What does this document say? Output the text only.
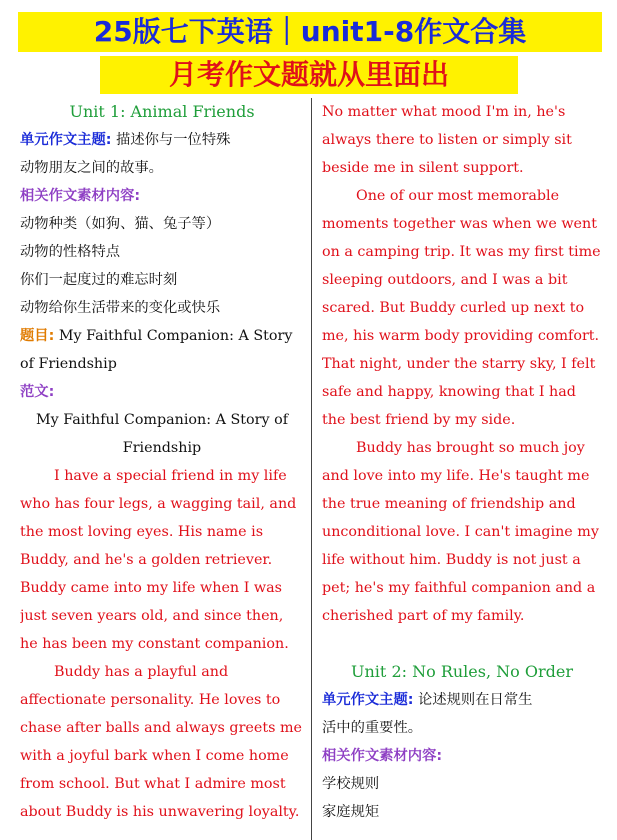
25版七下英语｜unit1-8作文合集
月考作文题就从里面出
Unit 1: Animal Friends
单元作文主题: 描述你与一位特殊
动物朋友之间的故事。
相关作文素材内容:
动物种类（如狗、猫、兔子等）
动物的性格特点
你们一起度过的难忘时刻
动物给你生活带来的变化或快乐
题目: My Faithful Companion: A Story
of Friendship
范文:
My Faithful Companion: A Story of
Friendship
I have a special friend in my life
who has four legs, a wagging tail, and
the most loving eyes. His name is
Buddy, and he's a golden retriever.
Buddy came into my life when I was
just seven years old, and since then,
he has been my constant companion.
Buddy has a playful and
affectionate personality. He loves to
chase after balls and always greets me
with a joyful bark when I come home
from school. But what I admire most
about Buddy is his unwavering loyalty.
No matter what mood I'm in, he's
always there to listen or simply sit
beside me in silent support.
One of our most memorable
moments together was when we went
on a camping trip. It was my first time
sleeping outdoors, and I was a bit
scared. But Buddy curled up next to
me, his warm body providing comfort.
That night, under the starry sky, I felt
safe and happy, knowing that I had
the best friend by my side.
Buddy has brought so much joy
and love into my life. He's taught me
the true meaning of friendship and
unconditional love. I can't imagine my
life without him. Buddy is not just a
pet; he's my faithful companion and a
cherished part of my family.

Unit 2: No Rules, No Order
单元作文主题: 论述规则在日常生
活中的重要性。
相关作文素材内容:
学校规则
家庭规矩
